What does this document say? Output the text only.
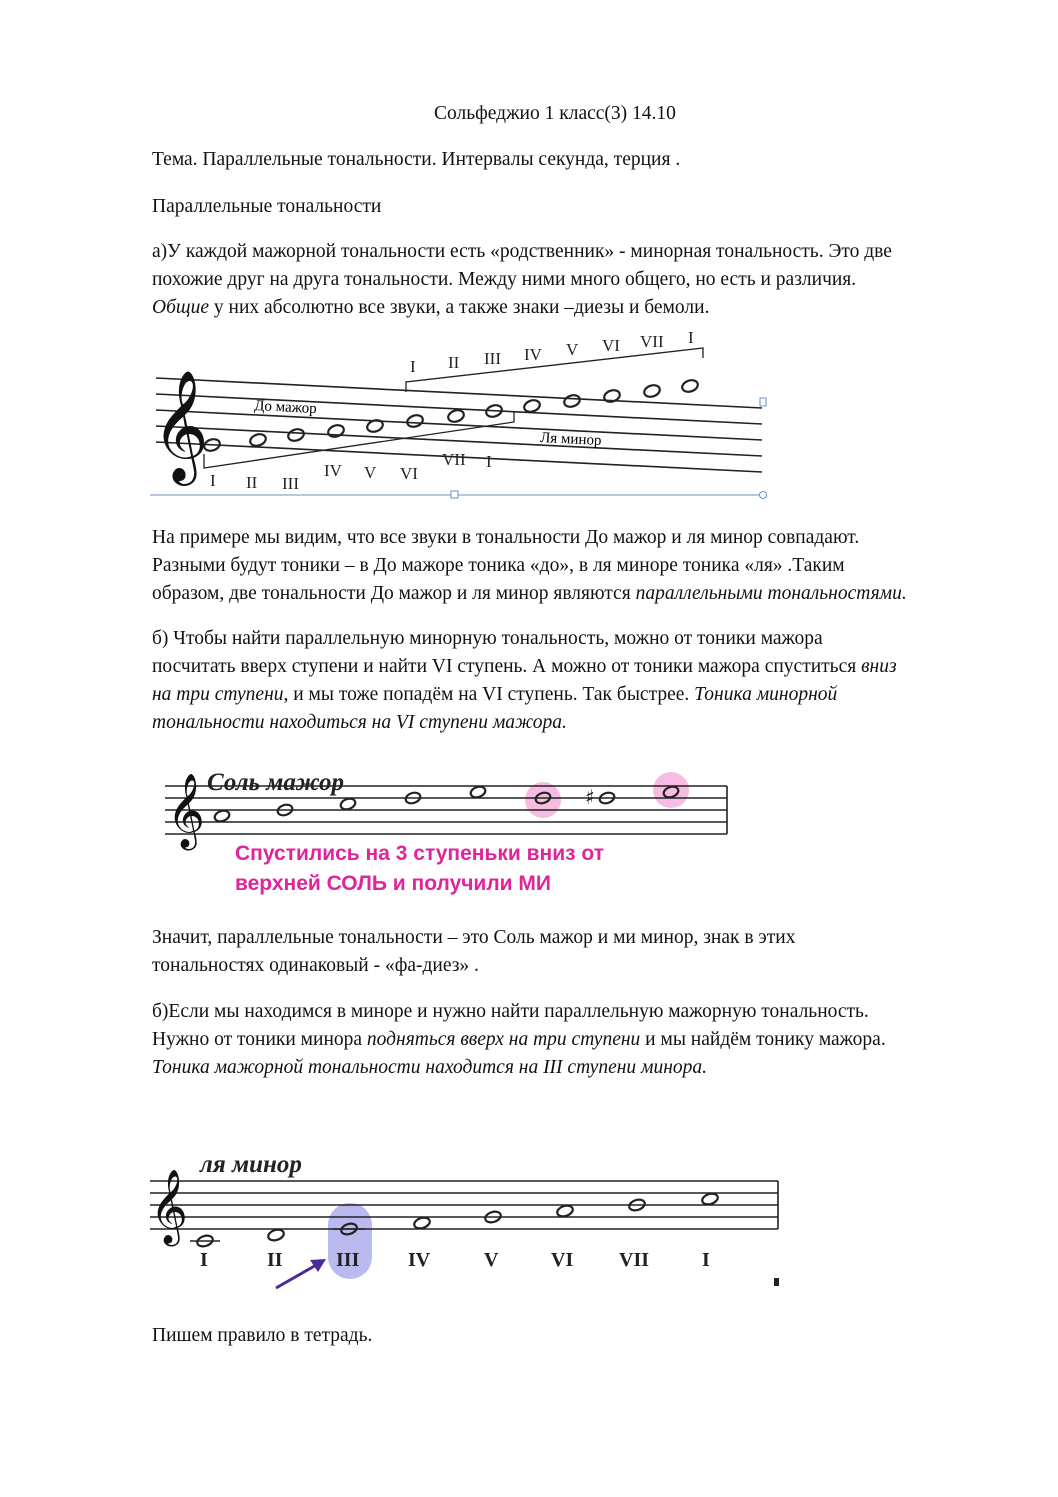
Сольфеджио 1 класс(3) 14.10
Тема. Параллельные тональности. Интервалы секунда, терция .
Параллельные тональности
а)У каждой мажорной тональности есть «родственник» - минорная тональность. Это две
похожие друг на друга тональности. Между ними много общего, но есть и различия.
Общие у них абсолютно все звуки, а также знаки –диезы и бемоли.
𝄞	До мажор
Ля минор
I II III IV V VI VII I
I II III
IV V VI
VII I
На примере мы видим, что все звуки в тональности До мажор и ля минор совпадают.
Разными будут тоники – в До мажоре тоника «до», в ля миноре тоника «ля» .Таким
образом, две тональности До мажор и ля минор являются параллельными тональностями.
б) Чтобы найти параллельную минорную тональность, можно от тоники мажора
посчитать вверх ступени и найти VI ступень. А можно от тоники мажора спуститься вниз
на три ступени, и мы тоже попадём на VI ступень. Так быстрее. Тоника минорной
тональности находиться на VI ступени мажора.
Соль мажор
𝄞	♯
Спустились на 3 ступеньки вниз от
верхней СОЛЬ и получили МИ
Значит, параллельные тональности – это Соль мажор и ми минор, знак в этих
тональностях одинаковый - «фа-диез» .
б)Если мы находимся в миноре и нужно найти параллельную мажорную тональность.
Нужно от тоники минора подняться вверх на три ступени и мы найдём тонику мажора.
Тоника мажорной тональности находится на III ступени минора.
ля минор
𝄞
I	II	III IV	V	VI VII	I
Пишем правило в тетрадь.
